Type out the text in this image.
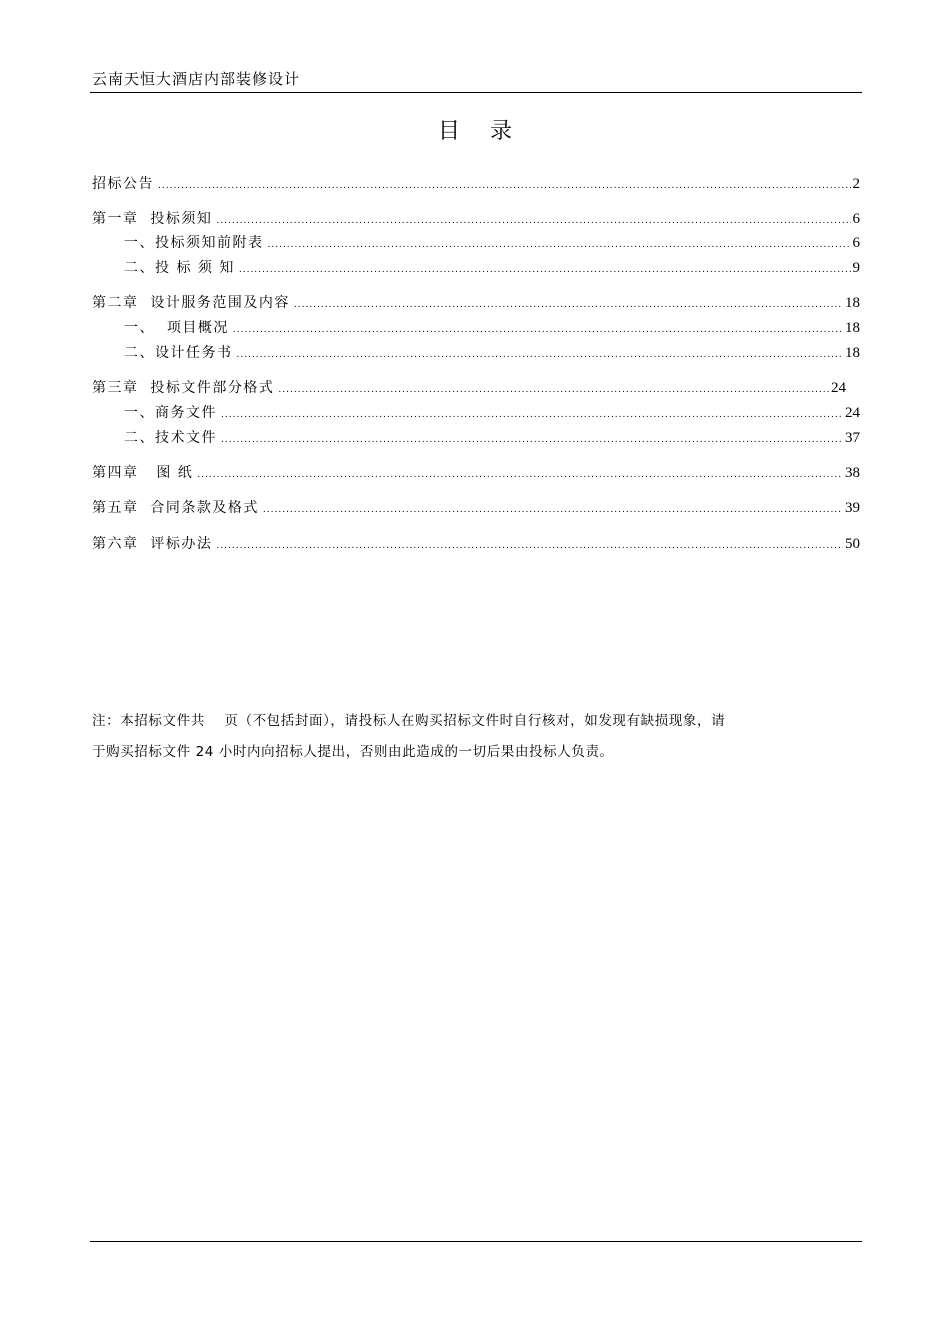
云南天恒大酒店内部装修设计
目录
招标公告 .....	2
第一章  投标须知 .....	6
一、投标须知前附表 .....	6
二、投 标 须 知 .....	9
第二章  设计服务范围及内容 .....	18
一、  项目概况 .....	18
二、设计任务书 .....	18
第三章  投标文件部分格式 .....	24
一、商务文件 .....	24
二、技术文件 .....	37
第四章   图 纸 .....	38
第五章  合同条款及格式 .....	39
第六章  评标办法 .....	50
注：本招标文件共    页（不包括封面），请投标人在购买招标文件时自行核对，如发现有缺损现象，请
于购买招标文件 24 小时内向招标人提出，否则由此造成的一切后果由投标人负责。
